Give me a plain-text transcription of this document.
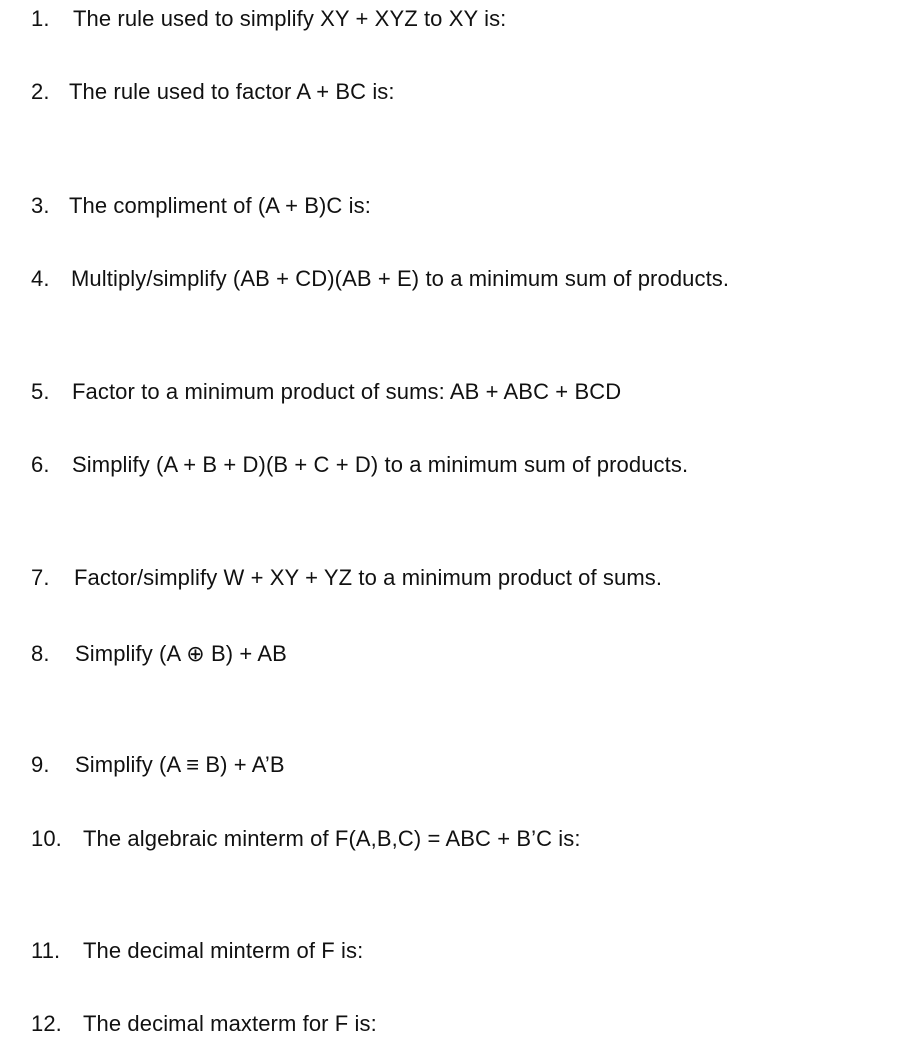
1. The rule used to simplify XY + XYZ to XY is:
2. The rule used to factor A + BC is:
3. The compliment of (A + B)C is:
4. Multiply/simplify (AB + CD)(AB + E) to a minimum sum of products.
5. Factor to a minimum product of sums: AB + ABC + BCD
6. Simplify (A + B + D)(B + C + D) to a minimum sum of products.
7. Factor/simplify W + XY + YZ to a minimum product of sums.
8. Simplify (A ⊕ B) + AB
9. Simplify (A ≡ B) + A’B
10. The algebraic minterm of F(A,B,C) = ABC + B’C is:
11. The decimal minterm of F is:
12. The decimal maxterm for F is:
